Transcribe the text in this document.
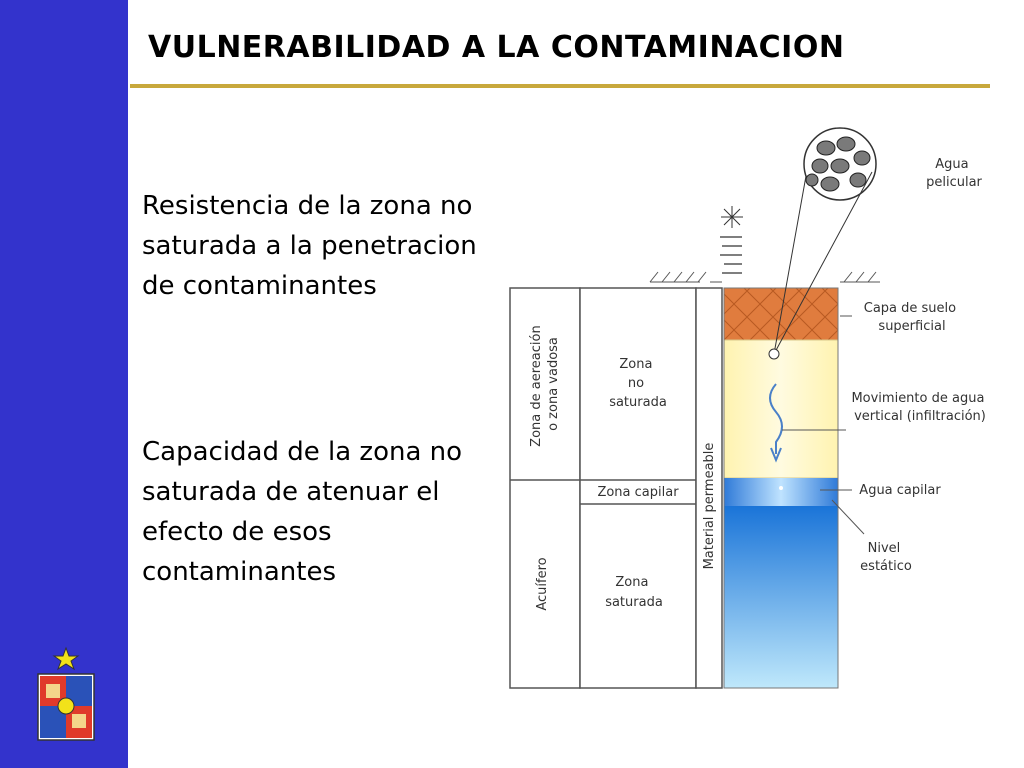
VULNERABILIDAD A LA CONTAMINACION

Resistencia de la zona no saturada a la penetracion de contaminantes

Capacidad de la zona no saturada de atenuar el efecto de esos contaminantes

Zona de aereación o zona vadosa
Acuífero
Zona no saturada
Zona capilar
Zona saturada
Material permeable
Agua pelicular
Capa de suelo superficial
Movimiento de agua vertical (infiltración)
Agua capilar
Nivel estático
